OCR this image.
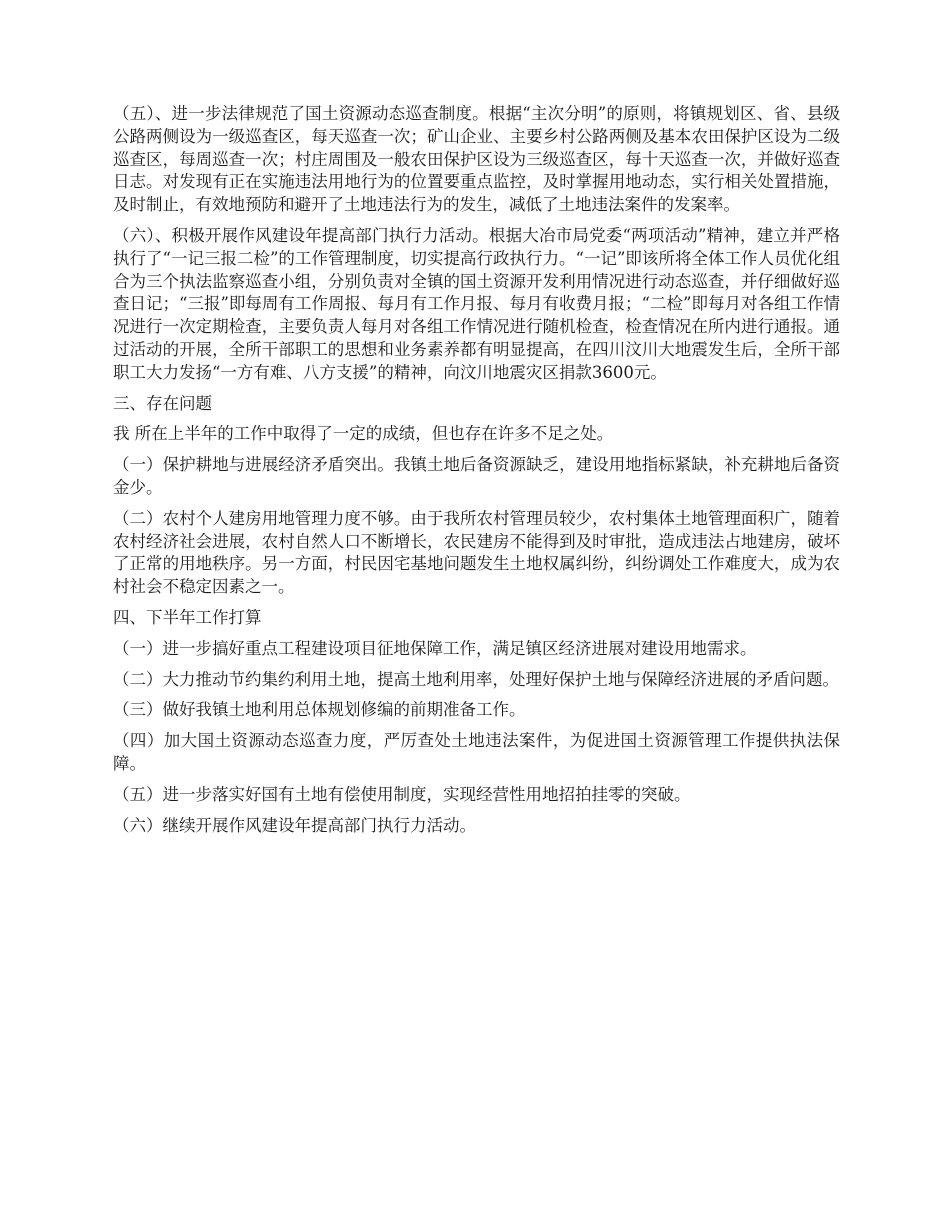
（五）、进一步法律规范了国土资源动态巡查制度。根据“主次分明”的原则，将镇规划区、省、县级公路两侧设为一级巡查区，每天巡查一次；矿山企业、主要乡村公路两侧及基本农田保护区设为二级巡查区，每周巡查一次；村庄周围及一般农田保护区设为三级巡查区，每十天巡查一次，并做好巡查日志。对发现有正在实施违法用地行为的位置要重点监控，及时掌握用地动态，实行相关处置措施，及时制止，有效地预防和避开了土地违法行为的发生，减低了土地违法案件的发案率。

（六）、积极开展作风建设年提高部门执行力活动。根据大冶市局党委“两项活动”精神，建立并严格执行了“一记三报二检”的工作管理制度，切实提高行政执行力。“一记”即该所将全体工作人员优化组合为三个执法监察巡查小组，分别负责对全镇的国土资源开发利用情况进行动态巡查，并仔细做好巡查日记；“三报”即每周有工作周报、每月有工作月报、每月有收费月报；“二检”即每月对各组工作情况进行一次定期检查，主要负责人每月对各组工作情况进行随机检查，检查情况在所内进行通报。通过活动的开展，全所干部职工的思想和业务素养都有明显提高，在四川汶川大地震发生后，全所干部职工大力发扬“一方有难、八方支援”的精神，向汶川地震灾区捐款3600元。

三、存在问题

我 所在上半年的工作中取得了一定的成绩，但也存在许多不足之处。

（一）保护耕地与进展经济矛盾突出。我镇土地后备资源缺乏，建设用地指标紧缺，补充耕地后备资金少。

（二）农村个人建房用地管理力度不够。由于我所农村管理员较少，农村集体土地管理面积广，随着农村经济社会进展，农村自然人口不断增长，农民建房不能得到及时审批，造成违法占地建房，破坏了正常的用地秩序。另一方面，村民因宅基地问题发生土地权属纠纷，纠纷调处工作难度大，成为农村社会不稳定因素之一。

四、下半年工作打算

（一）进一步搞好重点工程建设项目征地保障工作，满足镇区经济进展对建设用地需求。

（二）大力推动节约集约利用土地，提高土地利用率，处理好保护土地与保障经济进展的矛盾问题。

（三）做好我镇土地利用总体规划修编的前期准备工作。

（四）加大国土资源动态巡查力度，严厉查处土地违法案件，为促进国土资源管理工作提供执法保障。

（五）进一步落实好国有土地有偿使用制度，实现经营性用地招拍挂零的突破。

（六）继续开展作风建设年提高部门执行力活动。
